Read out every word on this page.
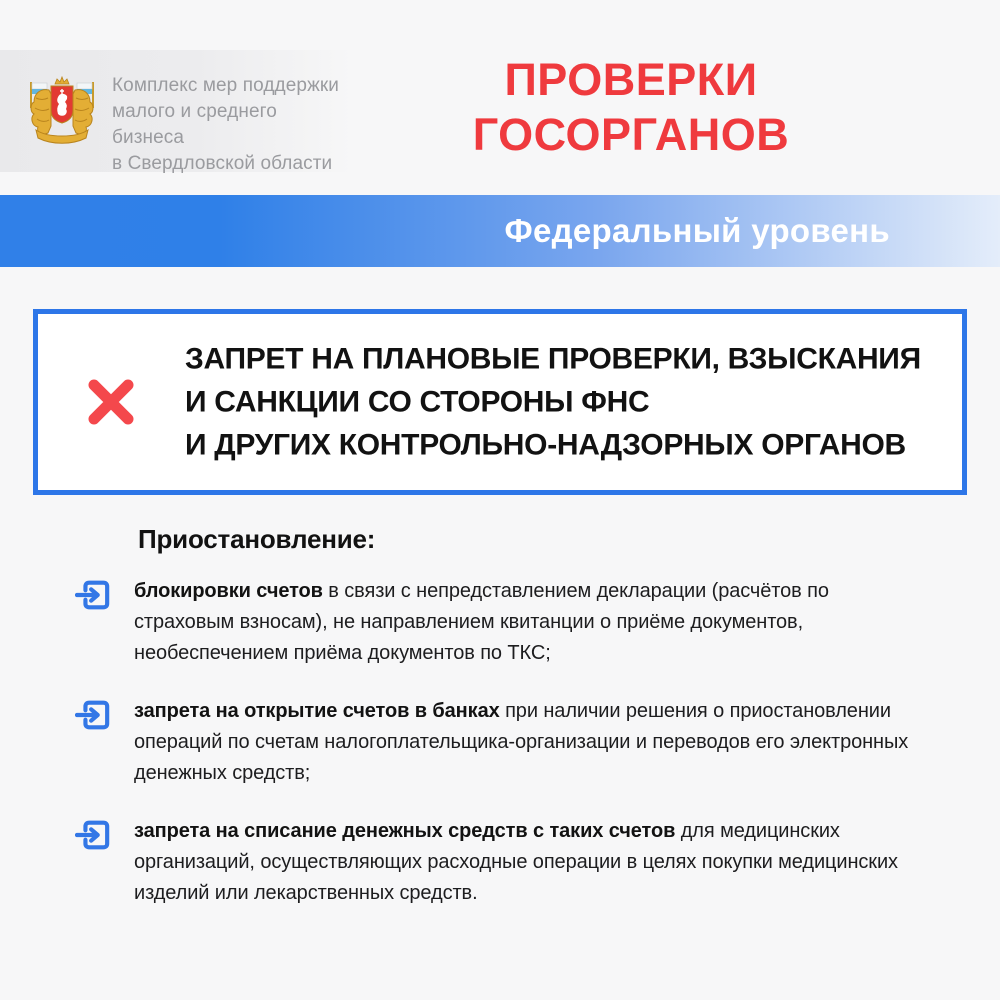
Комплекс мер поддержки
малого и среднего бизнеса
в Свердловской области
ПРОВЕРКИ
ГОСОРГАНОВ
Федеральный уровень
ЗАПРЕТ НА ПЛАНОВЫЕ ПРОВЕРКИ, ВЗЫСКАНИЯ
И САНКЦИИ СО СТОРОНЫ ФНС
И ДРУГИХ КОНТРОЛЬНО-НАДЗОРНЫХ ОРГАНОВ
Приостановление:
блокировки счетов в связи с непредставлением декларации (расчётов по страховым взносам), не направлением квитанции о приёме документов, необеспечением приёма документов по ТКС;
запрета на открытие счетов в банках при наличии решения о приостановлении операций по счетам налогоплательщика-организации и переводов его электронных денежных средств;
запрета на списание денежных средств с таких счетов для медицинских организаций, осуществляющих расходные операции в целях покупки медицинских изделий или лекарственных средств.
